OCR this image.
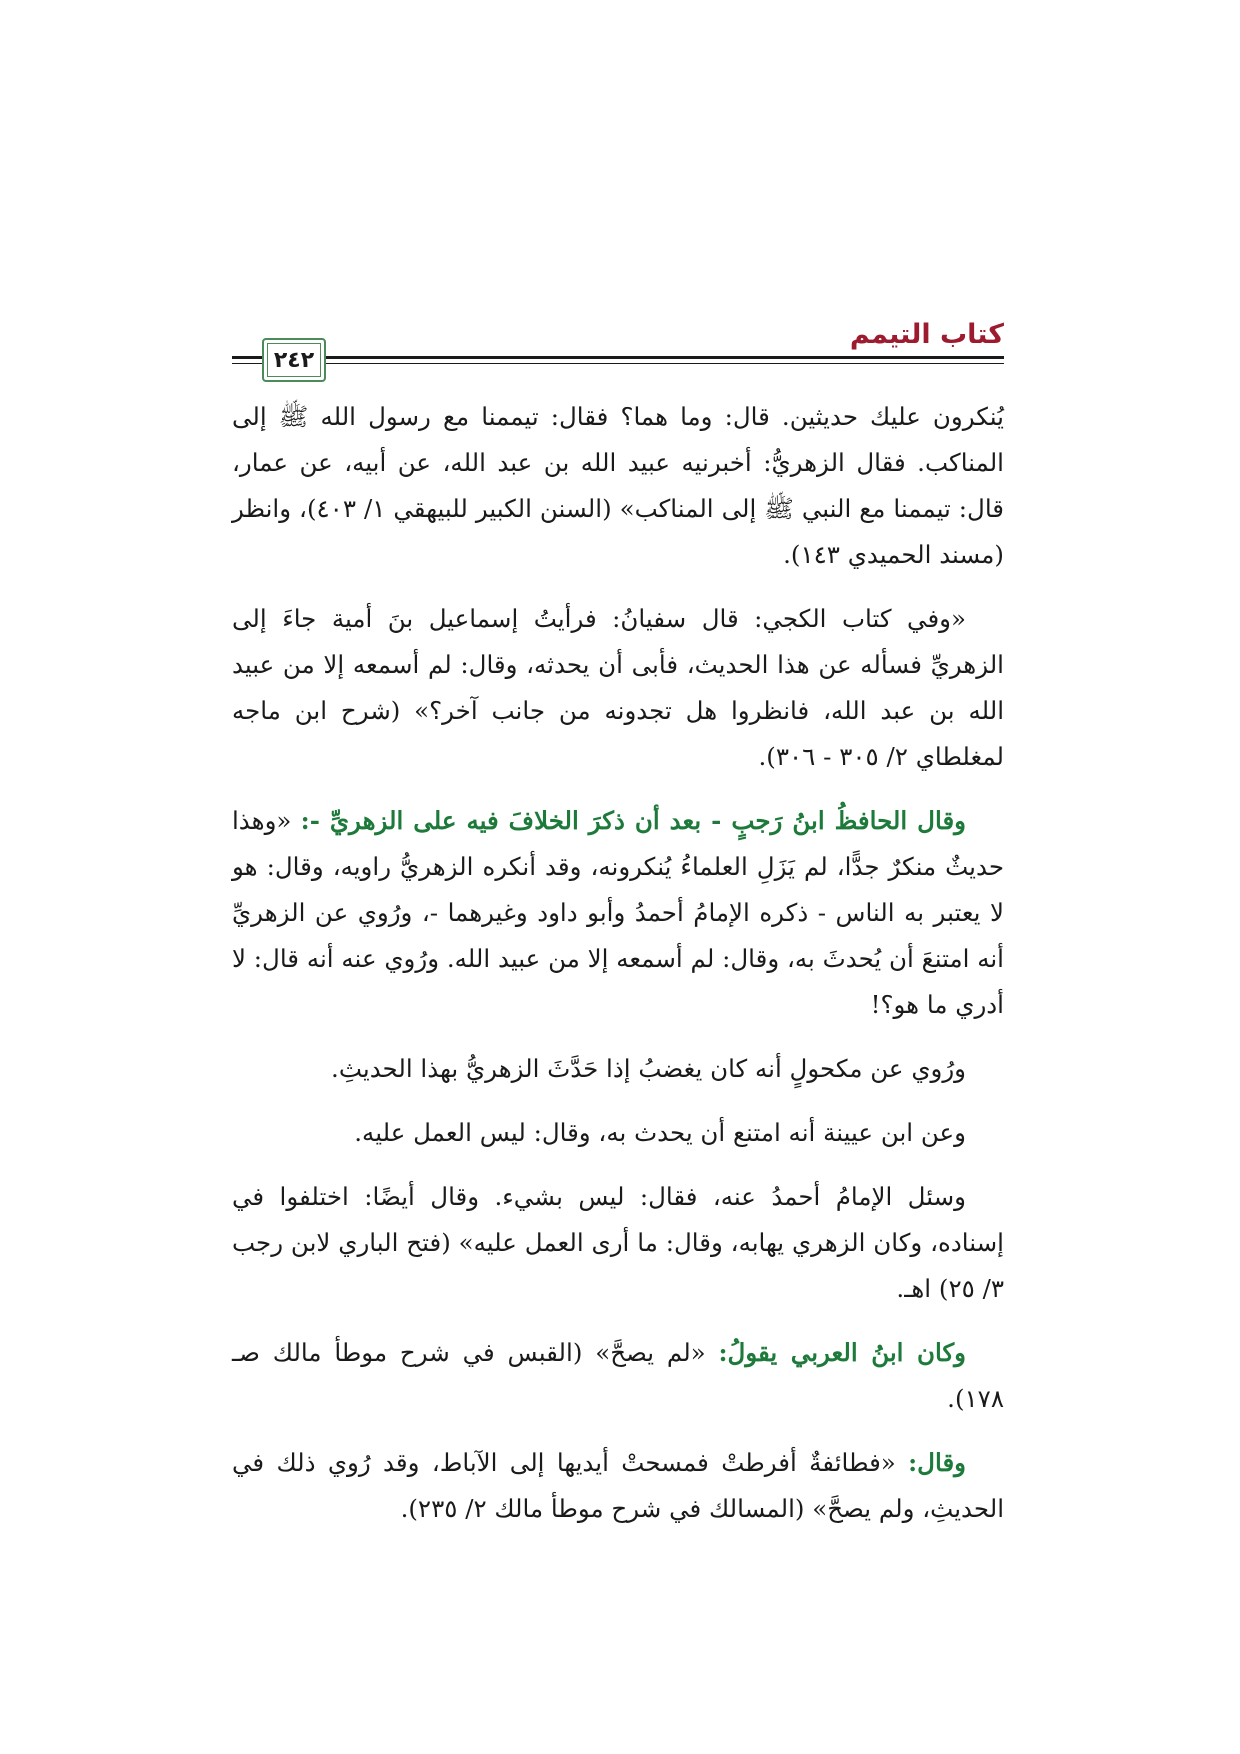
كتاب التيمم
٢٤٢

يُنكرون عليك حديثين. قال: وما هما؟ فقال: تيممنا مع رسول الله ﷺ إلى المناكب. فقال الزهريُّ: أخبرنيه عبيد الله بن عبد الله، عن أبيه، عن عمار، قال: تيممنا مع النبي ﷺ إلى المناكب» (السنن الكبير للبيهقي ١/ ٤٠٣)، وانظر (مسند الحميدي ١٤٣).

«وفي كتاب الكجي: قال سفيانُ: فرأيتُ إسماعيل بنَ أمية جاءَ إلى الزهريِّ فسأله عن هذا الحديث، فأبى أن يحدثه، وقال: لم أسمعه إلا من عبيد الله بن عبد الله، فانظروا هل تجدونه من جانب آخر؟» (شرح ابن ماجه لمغلطاي ٢/ ٣٠٥ - ٣٠٦).

وقال الحافظُ ابنُ رَجبٍ - بعد أن ذكرَ الخلافَ فيه على الزهريِّ -: «وهذا حديثٌ منكرٌ جدًّا، لم يَزَلِ العلماءُ يُنكرونه، وقد أنكره الزهريُّ راويه، وقال: هو لا يعتبر به الناس - ذكره الإمامُ أحمدُ وأبو داود وغيرهما -، ورُوي عن الزهريِّ أنه امتنعَ أن يُحدثَ به، وقال: لم أسمعه إلا من عبيد الله. ورُوي عنه أنه قال: لا أدري ما هو؟!

ورُوي عن مكحولٍ أنه كان يغضبُ إذا حَدَّثَ الزهريُّ بهذا الحديثِ.

وعن ابن عيينة أنه امتنع أن يحدث به، وقال: ليس العمل عليه.

وسئل الإمامُ أحمدُ عنه، فقال: ليس بشيء. وقال أيضًا: اختلفوا في إسناده، وكان الزهري يهابه، وقال: ما أرى العمل عليه» (فتح الباري لابن رجب ٣/ ٢٥) اهـ.

وكان ابنُ العربي يقولُ: «لم يصحَّ» (القبس في شرح موطأ مالك صـ ١٧٨).

وقال: «فطائفةٌ أفرطتْ فمسحتْ أيديها إلى الآباط، وقد رُوي ذلك في الحديثِ، ولم يصحَّ» (المسالك في شرح موطأ مالك ٢/ ٢٣٥).
